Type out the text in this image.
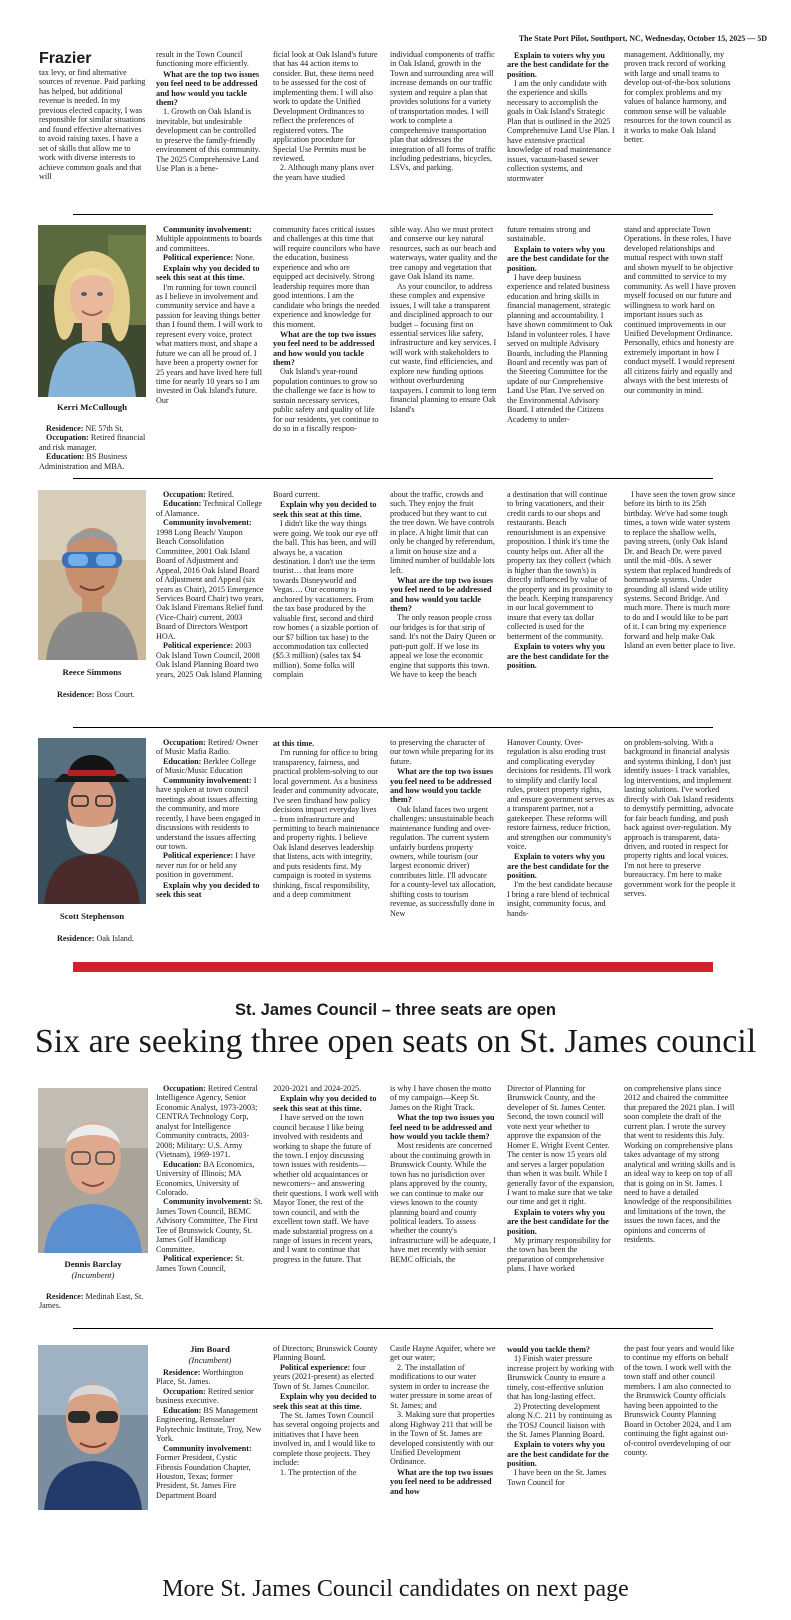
The State Port Pilot, Southport, NC, Wednesday, October 15, 2025 — 5D
Frazier

tax levy, or find alternative sources of revenue. Paid parking has helped, but additional revenue is needed. In my previous elected capacity, I was responsible for similar situations and found effective alternatives to avoid raising taxes. I have a set of skills that allow me to work with diverse interests to achieve common goals and that will

result in the Town Council functioning more efficiently.

What are the top two issues you feel need to be addressed and how would you tackle them?

1. Growth on Oak Island is inevitable, but undesirable development can be controlled to preserve the family-friendly environment of this community. The 2025 Comprehensive Land Use Plan is a bene-

ficial look at Oak Island's future that has 44 action items to consider. But, these items need to be assessed for the cost of implementing them. I will also work to update the Unified Development Ordinances to reflect the preferences of registered voters. The application procedure for Special Use Permits must be reviewed.

2. Although many plans over the years have studied

individual components of traffic in Oak Island, growth in the Town and surrounding area will increase demands on our traffic system and require a plan that provides solutions for a variety of transportation modes. I will work to complete a comprehensive transportation plan that addresses the integration of all forms of traffic including pedestrians, bicycles, LSVs, and parking.

Explain to voters why you are the best candidate for the position.

I am the only candidate with the experience and skills necessary to accomplish the goals in Oak Island's Strategic Plan that is outlined in the 2025 Comprehensive Land Use Plan. I have extensive practical knowledge of road maintenance issues, vacuum-based sewer collection systems, and stormwater

management. Additionally, my proven track record of working with large and small teams to develop out-of-the-box solutions for complex problems and my values of balance harmony, and common sense will be valuable resources for the town council as it works to make Oak Island better.

Kerri McCullough

Residence: NE 57th St.

Occupation: Retired financial and risk manager.

Education: BS Business Administration and MBA.

Community involvement: Multiple appointments to boards and committees.

Political experience: None.

Explain why you decided to seek this seat at this time.

I'm running for town council as I believe in involvement and community service and have a passion for leaving things better than I found them. I will work to represent every voice, protect what matters most, and shape a future we can all be proud of. I have been a property owner for 25 years and have lived here full time for nearly 10 years so I am invested in Oak Island's future. Our

community faces critical issues and challenges at this time that will require councilors who have the education, business experience and who are equipped act decisively. Strong leadership requires more than good intentions. I am the candidate who brings the needed experience and knowledge for this moment.

What are the top two issues you feel need to be addressed and how would you tackle them?

Oak Island's year-round population continues to grow so the challenge we face is how to sustain necessary services, public safety and quality of life for our residents, yet continue to do so in a fiscally respon-

sible way. Also we must protect and conserve our key natural resources, such as our beach and waterways, water quality and the tree canopy and vegetation that gave Oak Island its name.

As your councilor, to address these complex and expensive issues, I will take a transparent and disciplined approach to our budget – focusing first on essential services like safety, infrastructure and key services. I will work with stakeholders to cut waste, find efficiencies, and explore new funding options without overburdening taxpayers. I commit to long term financial planning to ensure Oak Island's

future remains strong and sustainable.

Explain to voters why you are the best candidate for the position.

I have deep business experience and related business education and bring skills in financial management, strategic planning and accountability. I have shown commitment to Oak Island in volunteer roles. I have served on multiple Advisory Boards, including the Planning Board and recently was part of the Steering Committee for the update of our Comprehensive Land Use Plan. I've served on the Environmental Advisory Board. I attended the Citizens Academy to under-

stand and appreciate Town Operations. In these roles, I have developed relationships and mutual respect with town staff and shown myself to be objective and committed to service to my community. As well I have proven myself focused on our future and willingness to work hard on important issues such as continued improvements in our Unified Development Ordinance. Personally, ethics and honesty are extremely important in how I conduct myself. I would represent all citizens fairly and equally and always with the best interests of our community in mind.

Reece Simmons

Residence: Boss Court.

Occupation: Retired.

Education: Technical College of Alamance.

Community involvement: 1998 Long Beach/ Yaupon Beach Consolidation Committee, 2001 Oak Island Board of Adjustment and Appeal, 2016 Oak Island Board of Adjustment and Appeal (six years as Chair), 2015 Emergence Services Board Chair) two years, Oak Island Firemans Relief fund (Vice-Chair) current, 2003 Board of Directors Westport HOA.

Political experience: 2003 Oak Island Town Council, 2008 Oak Island Planning Board two years, 2025 Oak Island Planning

Board current.

Explain why you decided to seek this seat at this time.

I didn't like the way things were going. We took our eye off the ball. This has been, and will always be, a vacation destination. I don't use the term tourist… that leans more towards Disneyworld and Vegas…. Our economy is anchored by vacationers. From the tax base produced by the valuable first, second and third row homes ( a sizable portion of our $7 billion tax base) to the accommodation tax collected ($5.3 million) (sales tax $4 million). Some folks will complain

about the traffic, crowds and such. They enjoy the fruit produced but they want to cut the tree down. We have controls in place. A hight limit that can only be changed by referendum, a limit on house size and a limited number of buildable lots left.

What are the top two issues you feel need to be addressed and how would you tackle them?

The only reason people cross our bridges is for that strip of sand. It's not the Dairy Queen or putt-putt golf. If we lose its appeal we lose the economic engine that supports this town. We have to keep the beach

a destination that will continue to bring vacationers, and their credit cards to our shops and restaurants. Beach renourishment is an expensive proposition. I think it's time the county helps out. After all the property tax they collect (which is higher than the town's) is directly influenced by value of the property and its proximity to the beach. Keeping transparency in our local government to insure that every tax dollar collected is used for the betterment of the community.

Explain to voters why you are the best candidate for the position.

I have seen the town grow since before its birth to its 25th birthday. We've had some tough times, a town wide water system to replace the shallow wells, paving streets, (only Oak Island Dr. and Beach Dr. were paved until the mid -80s. A sewer system that replaced hundreds of homemade systems. Under grounding all island wide utility systems. Second Bridge. And much more. There is much more to do and I would like to be part of it. I can bring my experience forward and help make Oak Island an even better place to live.

Scott Stephenson

Residence: Oak Island.

Occupation: Retired/ Owner of Music Mafia Radio.

Education: Berklee College of Music/Music Education

Community involvement: I have spoken at town council meetings about issues affecting the community, and more recently, I have been engaged in discussions with residents to understand the issues affecting our town.

Political experience: I have never run for or held any position in government.

Explain why you decided to seek this seat
at this time.

I'm running for office to bring transparency, fairness, and practical problem-solving to our local government. As a business leader and community advocate, I've seen firsthand how policy decisions impact everyday lives – from infrastructure and permitting to beach maintenance and property rights. I believe Oak Island deserves leadership that listens, acts with integrity, and puts residents first. My campaign is rooted in systems thinking, fiscal responsibility, and a deep commitment

to preserving the character of our town while preparing for its future.

What are the top two issues you feel need to be addressed and how would you tackle them?

Oak Island faces two urgent challenges: unsustainable beach maintenance funding and over-regulation. The current system unfairly burdens property owners, while tourism (our largest economic driver) contributes little. I'll advocate for a county-level tax allocation, shifting costs to tourism revenue, as successfully done in New

Hanover County. Over-regulation is also eroding trust and complicating everyday decisions for residents. I'll work to simplify and clarify local rules, protect property rights, and ensure government serves as a transparent partner, not a gatekeeper. These reforms will restore fairness, reduce friction, and strengthen our community's voice.

Explain to voters why you are the best candidate for the position.

I'm the best candidate because I bring a rare blend of technical insight, community focus, and hands-

on problem-solving. With a background in financial analysis and systems thinking, I don't just identify issues- I track variables, log interventions, and implement lasting solutions. I've worked directly with Oak Island residents to demystify permitting, advocate for fair beach funding, and push back against over-regulation. My approach is transparent, data-driven, and rooted in respect for property rights and local voices. I'm not here to preserve bureaucracy. I'm here to make government work for the people it serves.

St. James Council – three seats are open
Six are seeking three open seats on St. James council
Dennis Barclay
(Incumbent)

Residence: Medinah East, St. James.

Occupation: Retired Central Intelligence Agency, Senior Economic Analyst, 1973-2003; CENTRA Technology Corp, analyst for Intelligence Community contracts, 2003-2008; Military: U.S. Army (Vietnam), 1969-1971.

Education: BA Economics, University of Illinois; MA Economics, University of Colorado.

Community involvement: St. James Town Council, BEMC Advisory Committee, The First Tee of Brunswick County, St. James Golf Handicap Committee.

Political experience: St. James Town Council,

2020-2021 and 2024-2025.

Explain why you decided to seek this seat at this time.

I have served on the town council because I like being involved with residents and working to shape the future of the town. I enjoy discussing town issues with residents—whether old acquaintances or newcomers-- and answering their questions. I work well with Mayor Toner, the rest of the town council, and with the excellent town staff. We have made substantial progress on a range of issues in recent years, and I want to continue that progress in the future. That

is why I have chosen the motto of my campaign—Keep St. James on the Right Track.

What the top two issues you feel need to be addressed and how would you tackle them?

Most residents are concerned about the continuing growth in Brunswick County. While the town has no jurisdiction over plans approved by the county, we can continue to make our views known to the county planning board and county political leaders. To assess whether the county's infrastructure will be adequate, I have met recently with senior BEMC officials, the

Director of Planning for Brunswick County, and the developer of St. James Center. Second, the town council will vote next year whether to approve the expansion of the Homer E. Wright Event Center. The center is now 15 years old and serves a larger population than when it was built. While I generally favor of the expansion, I want to make sure that we take our time and get it right.

Explain to voters why you are the best candidate for the position.

My primary responsibility for the town has been the preparation of comprehensive plans. I have worked

on comprehensive plans since 2012 and chaired the committee that prepared the 2021 plan. I will soon complete the draft of the current plan. I wrote the survey that went to residents this July. Working on comprehensive plans takes advantage of my strong analytical and writing skills and is an ideal way to keep on top of all that is going on in St. James. I need to have a detailed knowledge of the responsibilities and limitations of the town, the issues the town faces, and the opinions and concerns of residents.

Jim Board
(Incumbent)

Residence: Worthington Place, St. James.

Occupation: Retired senior business executive.

Education: BS Management Engineering, Rensselaer Polytechnic Institute, Troy, New York.

Community involvement: Former President, Cystic Fibrosis Foundation Chapter, Houston, Texas; former President, St. James Fire Department Board

of Directors; Brunswick County Planning Board.

Political experience: four years (2021-present) as elected Town of St. James Councilor.

Explain why you decided to seek this seat at this time.

The St. James Town Council has several ongoing projects and initiatives that I have been involved in, and I would like to complete those projects. They include:

1. The protection of the

Castle Hayne Aquifer, where we get our water;

2. The installation of modifications to our water system in order to increase the water pressure in some areas of St. James; and

3. Making sure that properties along Highway 211 that will be in the Town of St. James are developed consistently with our Unified Development Ordinance.

What are the top two issues you feel need to be addressed and how
would you tackle them?

1) Finish water pressure increase project by working with Brunswick County to ensure a timely, cost-effective solution that has long-lasting effect.

2) Protecting development along N.C. 211 by continuing as the TOSJ Council liaison with the St. James Planning Board.

Explain to voters why you are the best candidate for the position.

I have been on the St. James Town Council for

the past four years and would like to continue my efforts on behalf of the town. I work well with the town staff and other council members. I am also connected to the Brunswick County officials having been appointed to the Brunswick County Planning Board in October 2024, and I am continuing the fight against out-of-control overdeveloping of our county.

More St. James Council candidates on next page
